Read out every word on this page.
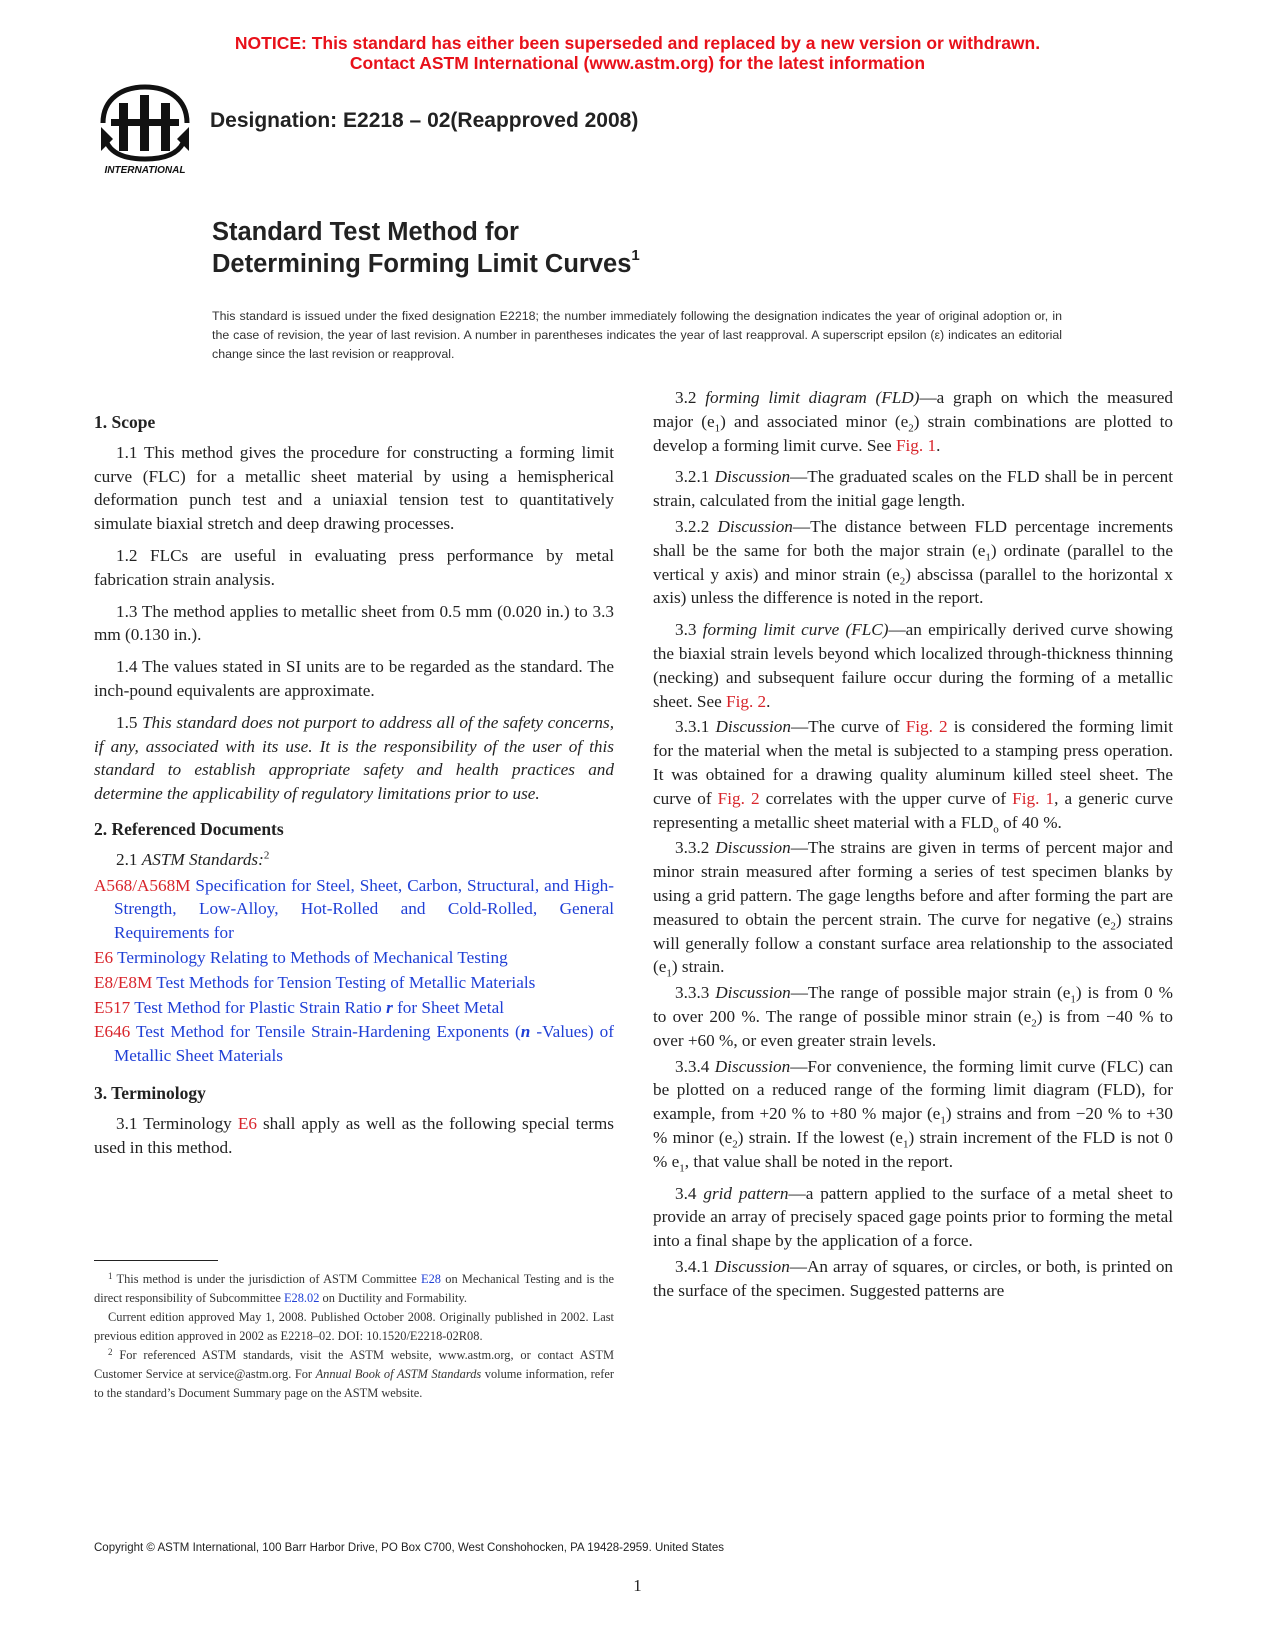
NOTICE: This standard has either been superseded and replaced by a new version or withdrawn.
Contact ASTM International (www.astm.org) for the latest information
INTERNATIONAL
Designation: E2218 – 02(Reapproved 2008)
Standard Test Method for
Determining Forming Limit Curves$^1$
This standard is issued under the fixed designation E2218; the number immediately following the designation indicates the year of original adoption or, in the case of revision, the year of last revision. A number in parentheses indicates the year of last reapproval. A superscript epsilon (ε) indicates an editorial change since the last revision or reapproval.
1. Scope

1.1 This method gives the procedure for constructing a forming limit curve (FLC) for a metallic sheet material by using a hemispherical deformation punch test and a uniaxial tension test to quantitatively simulate biaxial stretch and deep drawing processes.

1.2 FLCs are useful in evaluating press performance by metal fabrication strain analysis.

1.3 The method applies to metallic sheet from 0.5 mm (0.020 in.) to 3.3 mm (0.130 in.).

1.4 The values stated in SI units are to be regarded as the standard. The inch-pound equivalents are approximate.

1.5 This standard does not purport to address all of the safety concerns, if any, associated with its use. It is the responsibility of the user of this standard to establish appropriate safety and health practices and determine the applicability of regulatory limitations prior to use.

2. Referenced Documents

2.1 ASTM Standards:$^2$

A568/A568M Specification for Steel, Sheet, Carbon, Structural, and High-Strength, Low-Alloy, Hot-Rolled and Cold-Rolled, General Requirements for

E6 Terminology Relating to Methods of Mechanical Testing

E8/E8M Test Methods for Tension Testing of Metallic Materials

E517 Test Method for Plastic Strain Ratio r for Sheet Metal

E646 Test Method for Tensile Strain-Hardening Exponents (n -Values) of Metallic Sheet Materials

3. Terminology

3.1 Terminology E6 shall apply as well as the following special terms used in this method.

3.2 forming limit diagram (FLD)—a graph on which the measured major $(e_1)$ and associated minor $(e_2)$ strain combinations are plotted to develop a forming limit curve. See Fig. 1.

3.2.1 Discussion—The graduated scales on the FLD shall be in percent strain, calculated from the initial gage length.

3.2.2 Discussion—The distance between FLD percentage increments shall be the same for both the major strain $(e_1)$ ordinate (parallel to the vertical y axis) and minor strain $(e_2)$ abscissa (parallel to the horizontal x axis) unless the difference is noted in the report.

3.3 forming limit curve (FLC)—an empirically derived curve showing the biaxial strain levels beyond which localized through-thickness thinning (necking) and subsequent failure occur during the forming of a metallic sheet. See Fig. 2.

3.3.1 Discussion—The curve of Fig. 2 is considered the forming limit for the material when the metal is subjected to a stamping press operation. It was obtained for a drawing quality aluminum killed steel sheet. The curve of Fig. 2 correlates with the upper curve of Fig. 1, a generic curve representing a metallic sheet material with a $FLD_o$ of 40 %.

3.3.2 Discussion—The strains are given in terms of percent major and minor strain measured after forming a series of test specimen blanks by using a grid pattern. The gage lengths before and after forming the part are measured to obtain the percent strain. The curve for negative $(e_2)$ strains will generally follow a constant surface area relationship to the associated $(e_1)$ strain.

3.3.3 Discussion—The range of possible major strain $(e_1)$ is from 0 % to over 200 %. The range of possible minor strain $(e_2)$ is from −40 % to over +60 %, or even greater strain levels.

3.3.4 Discussion—For convenience, the forming limit curve (FLC) can be plotted on a reduced range of the forming limit diagram (FLD), for example, from +20 % to +80 % major $(e_1)$ strains and from −20 % to +30 % minor $(e_2)$ strain. If the lowest $(e_1)$ strain increment of the FLD is not 0 % $e_1$, that value shall be noted in the report.

3.4 grid pattern—a pattern applied to the surface of a metal sheet to provide an array of precisely spaced gage points prior to forming the metal into a final shape by the application of a force.

3.4.1 Discussion—An array of squares, or circles, or both, is printed on the surface of the specimen. Suggested patterns are

$^1$ This method is under the jurisdiction of ASTM Committee E28 on Mechanical Testing and is the direct responsibility of Subcommittee E28.02 on Ductility and Formability.

Current edition approved May 1, 2008. Published October 2008. Originally published in 2002. Last previous edition approved in 2002 as E2218–02. DOI: 10.1520/E2218-02R08.

$^2$ For referenced ASTM standards, visit the ASTM website, www.astm.org, or contact ASTM Customer Service at service@astm.org. For Annual Book of ASTM Standards volume information, refer to the standard’s Document Summary page on the ASTM website.

Copyright © ASTM International, 100 Barr Harbor Drive, PO Box C700, West Conshohocken, PA 19428-2959. United States
1
